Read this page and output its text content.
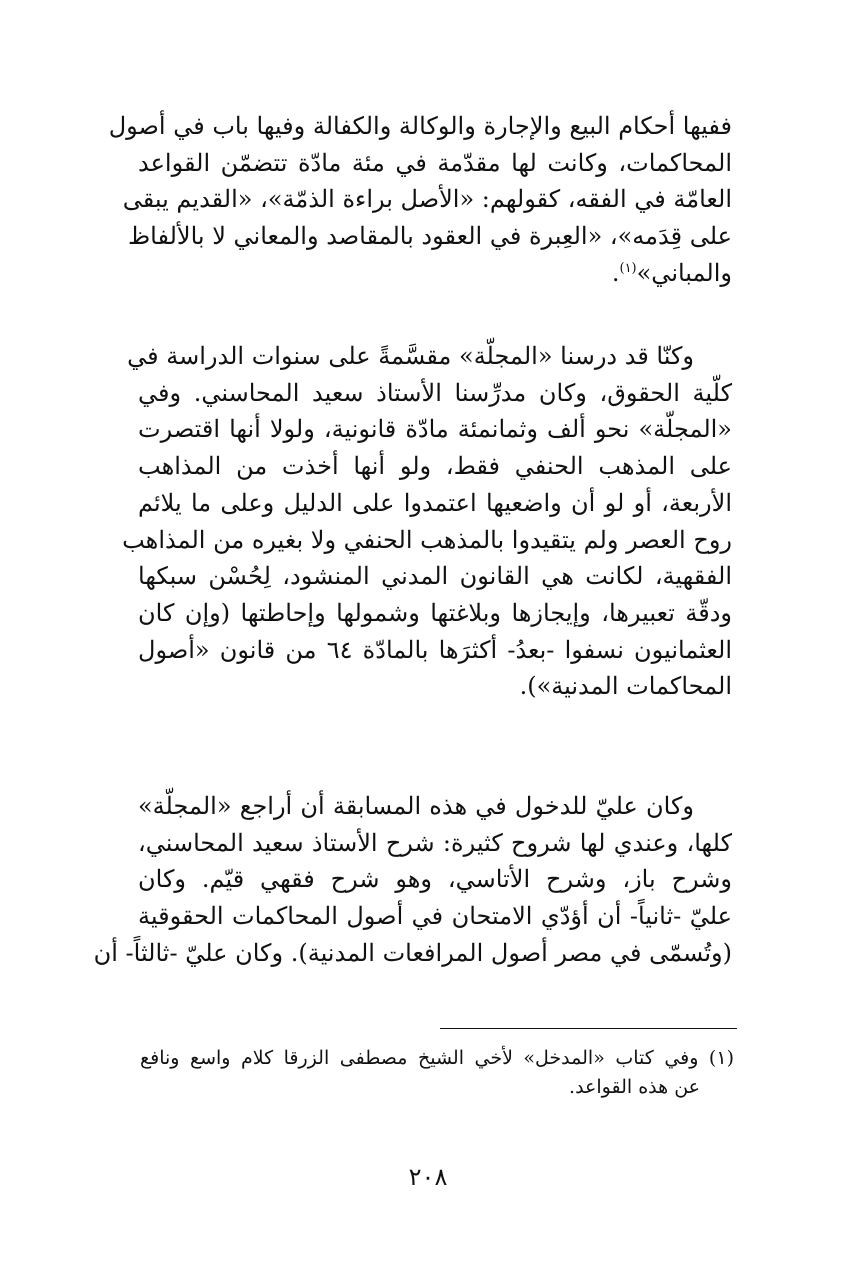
ففيها أحكام البيع والإجارة والوكالة والكفالة وفيها باب في أصول
المحاكمات، وكانت لها مقدّمة في مئة مادّة تتضمّن القواعد
العامّة في الفقه، كقولهم: «الأصل براءة الذمّة»، «القديم يبقى
على قِدَمه»، «العِبرة في العقود بالمقاصد والمعاني لا بالألفاظ
والمباني»$^{(١)}$.

وكنّا قد درسنا «المجلّة» مقسَّمةً على سنوات الدراسة في
كلّية الحقوق، وكان مدرِّسنا الأستاذ سعيد المحاسني. وفي
«المجلّة» نحو ألف وثمانمئة مادّة قانونية، ولولا أنها اقتصرت
على المذهب الحنفي فقط، ولو أنها أخذت من المذاهب
الأربعة، أو لو أن واضعيها اعتمدوا على الدليل وعلى ما يلائم
روح العصر ولم يتقيدوا بالمذهب الحنفي ولا بغيره من المذاهب
الفقهية، لكانت هي القانون المدني المنشود، لِحُسْن سبكها
ودقّة تعبيرها، وإيجازها وبلاغتها وشمولها وإحاطتها (وإن كان
العثمانيون نسفوا -بعدُ- أكثرَها بالمادّة ٦٤ من قانون «أصول
المحاكمات المدنية»).

وكان عليّ للدخول في هذه المسابقة أن أراجع «المجلّة»
كلها، وعندي لها شروح كثيرة: شرح الأستاذ سعيد المحاسني،
وشرح باز، وشرح الأتاسي، وهو شرح فقهي قيّم. وكان
عليّ -ثانياً- أن أؤدّي الامتحان في أصول المحاكمات الحقوقية
(وتُسمّى في مصر أصول المرافعات المدنية). وكان عليّ -ثالثاً- أن

(١) وفي كتاب «المدخل» لأخي الشيخ مصطفى الزرقا كلام واسع ونافع
عن هذه القواعد.
٢٠٨
